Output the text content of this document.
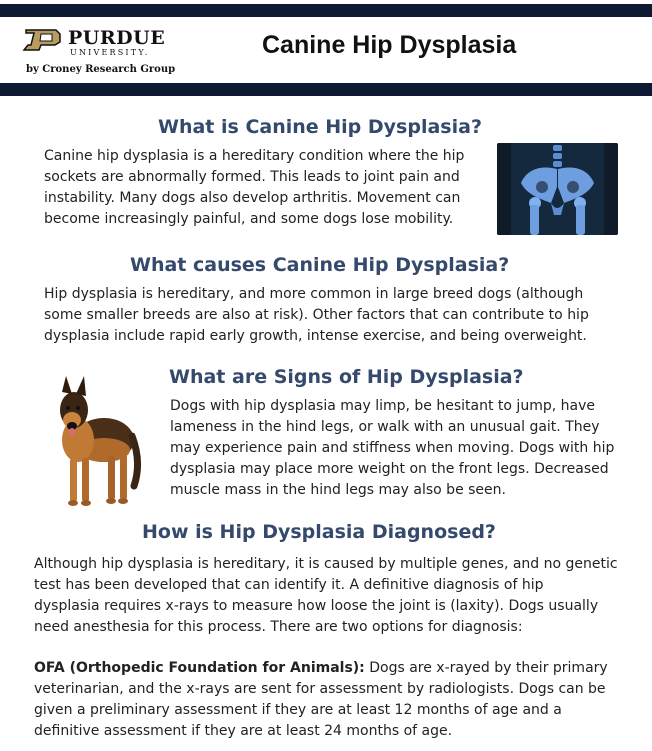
PURDUE
UNIVERSITY.
by Croney Research Group
Canine Hip Dysplasia
What is Canine Hip Dysplasia?
Canine hip dysplasia is a hereditary condition where the hip
sockets are abnormally formed. This leads to joint pain and
instability. Many dogs also develop arthritis. Movement can
become increasingly painful, and some dogs lose mobility.
What causes Canine Hip Dysplasia?
Hip dysplasia is hereditary, and more common in large breed dogs (although
some smaller breeds are also at risk). Other factors that can contribute to hip
dysplasia include rapid early growth, intense exercise, and being overweight.
What are Signs of Hip Dysplasia?
Dogs with hip dysplasia may limp, be hesitant to jump, have
lameness in the hind legs, or walk with an unusual gait. They
may experience pain and stiffness when moving. Dogs with hip
dysplasia may place more weight on the front legs. Decreased
muscle mass in the hind legs may also be seen.
How is Hip Dysplasia Diagnosed?
Although hip dysplasia is hereditary, it is caused by multiple genes, and no genetic
test has been developed that can identify it. A definitive diagnosis of hip
dysplasia requires x-rays to measure how loose the joint is (laxity). Dogs usually
need anesthesia for this process. There are two options for diagnosis:
OFA (Orthopedic Foundation for Animals): Dogs are x-rayed by their primary
veterinarian, and the x-rays are sent for assessment by radiologists. Dogs can be
given a preliminary assessment if they are at least 12 months of age and a
definitive assessment if they are at least 24 months of age.
